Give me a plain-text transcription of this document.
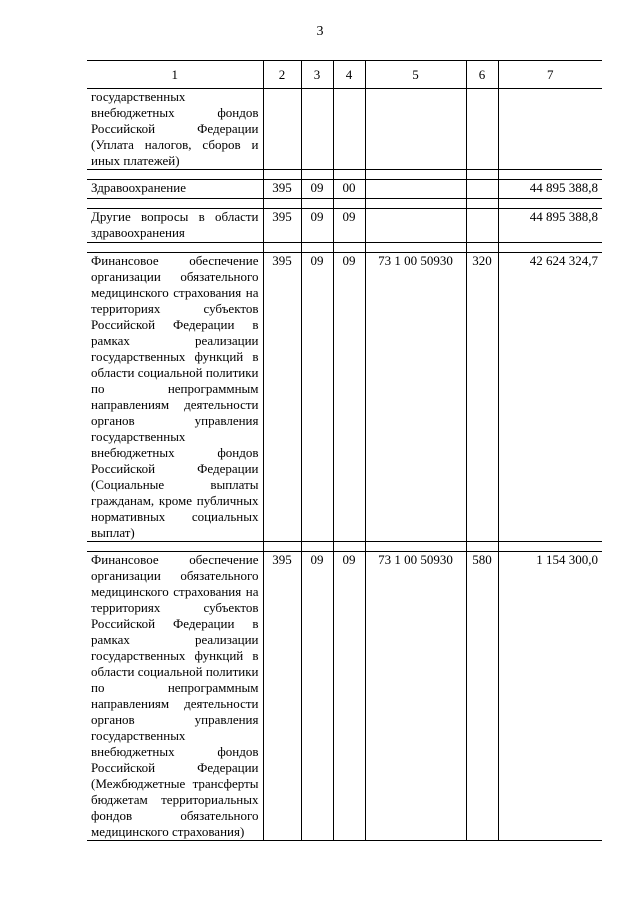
3
1	2	3	4	5	6	7
государственных внебюджетных фондов Российской Федерации (Уплата налогов, сборов и иных платежей)						

Здравоохранение	395	09	00			44 895 388,8

Другие вопросы в области здравоохранения	395	09	09			44 895 388,8

Финансовое обеспечение организации обязательного медицинского страхования на территориях субъектов Российской Федерации в рамках реализации государственных функций в области социальной политики по непрограммным направлениям деятельности органов управления государственных внебюджетных фондов Российской Федерации (Социальные выплаты гражданам, кроме публичных нормативных социальных выплат)	395	09	09	73 1 00 50930	320	42 624 324,7

Финансовое обеспечение организации обязательного медицинского страхования на территориях субъектов Российской Федерации в рамках реализации государственных функций в области социальной политики по непрограммным направлениям деятельности органов управления государственных внебюджетных фондов Российской Федерации (Межбюджетные трансферты бюджетам территориальных фондов обязательного медицинского страхования)	395	09	09	73 1 00 50930	580	1 154 300,0
